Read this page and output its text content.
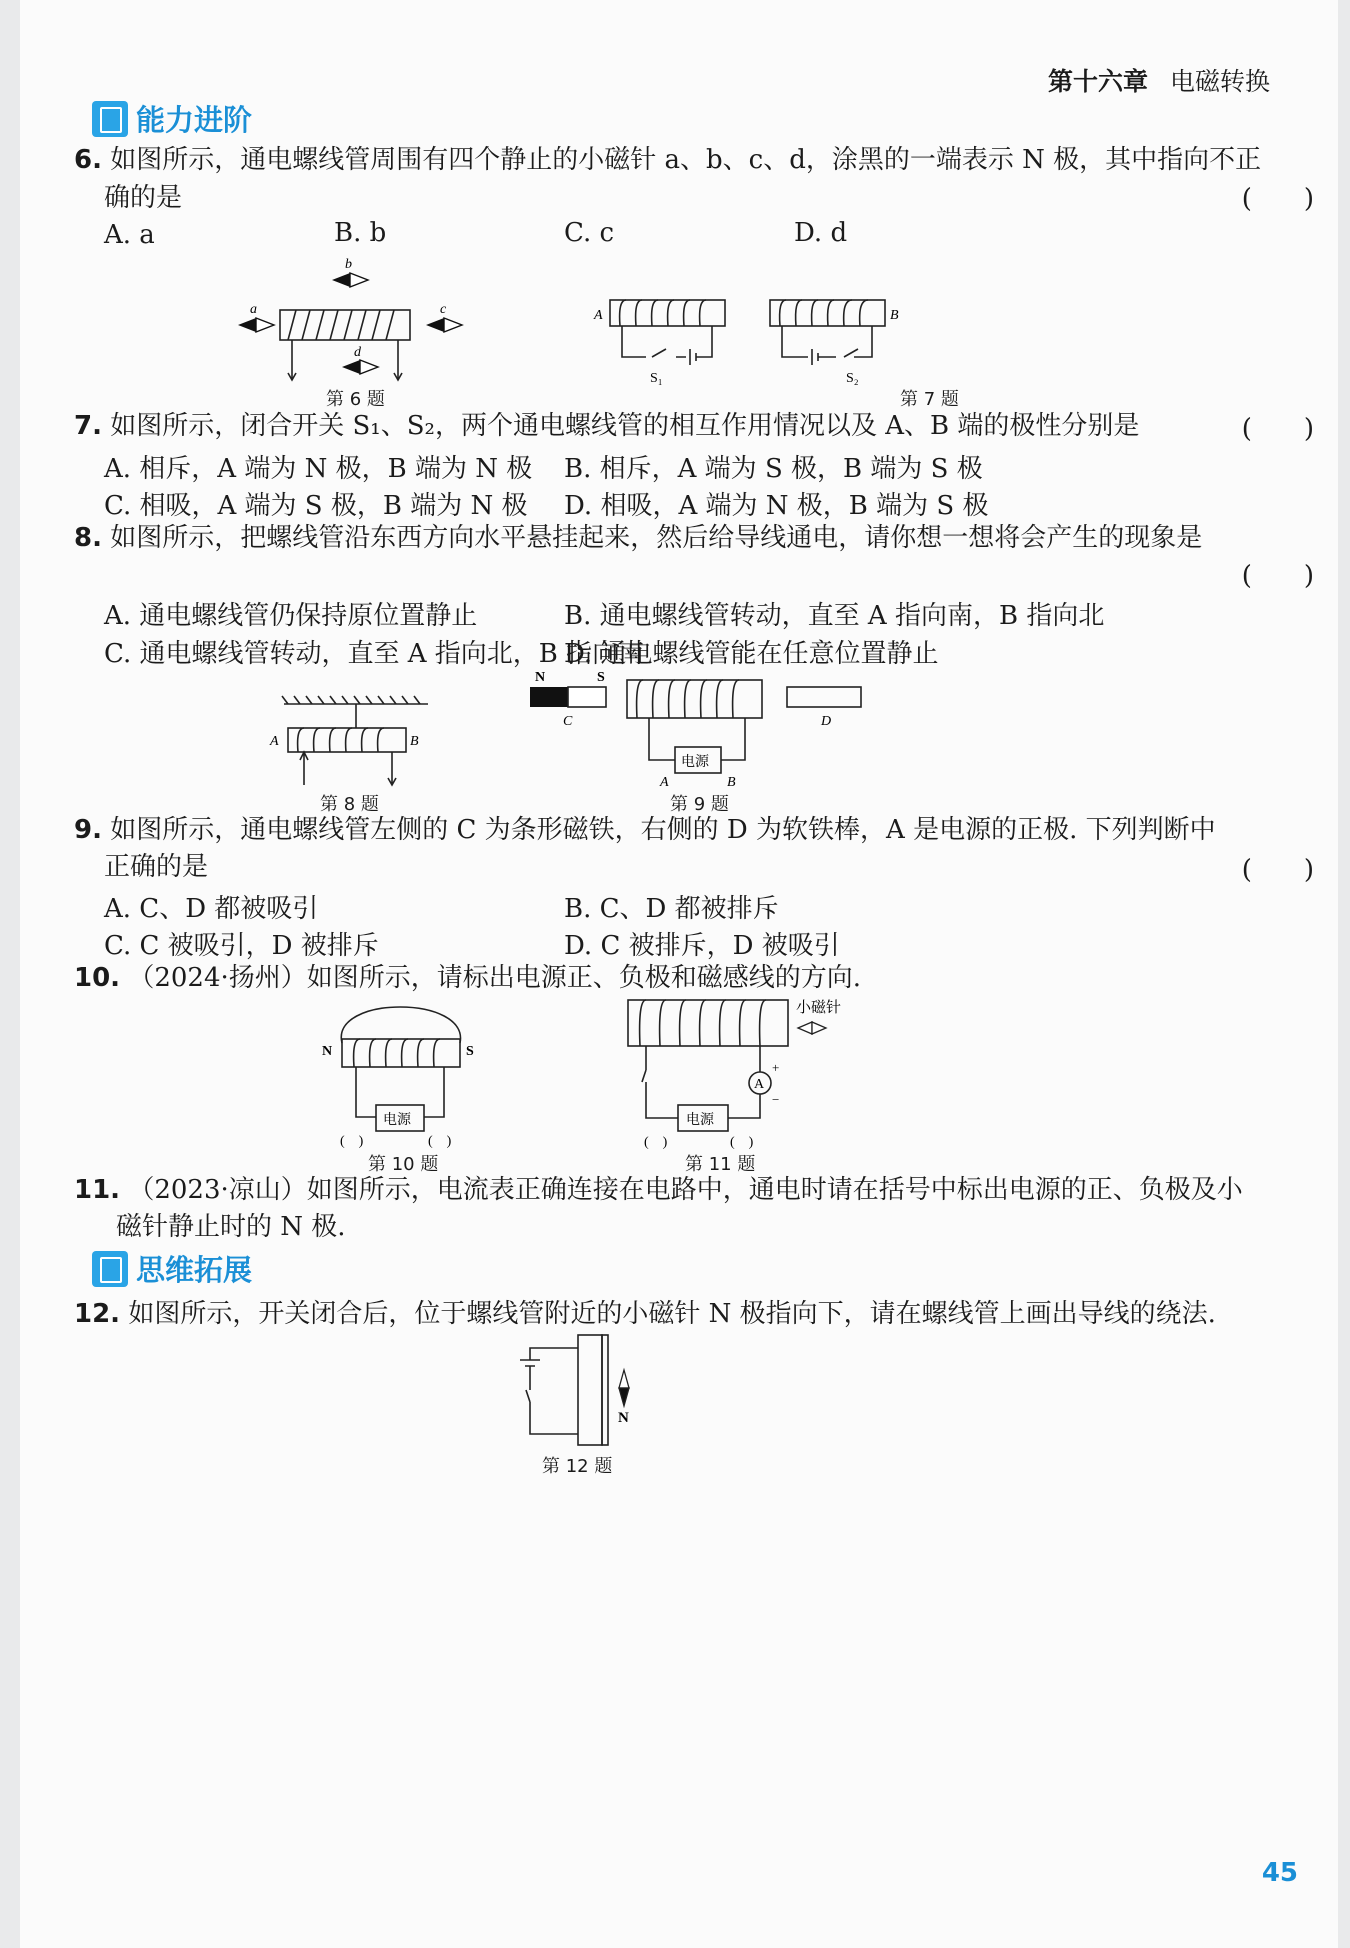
第十六章 电磁转换
能力进阶
6. 如图所示，通电螺线管周围有四个静止的小磁针 a、b、c、d，涂黑的一端表示 N 极，其中指向不正
确的是	(　　)
A. a	B. b	C. c	D. d
a
b
c
d
第 6 题
A	B
S₁	S₂
第 7 题
7. 如图所示，闭合开关 S₁、S₂，两个通电螺线管的相互作用情况以及 A、B 端的极性分别是	(　　)
A. 相斥，A 端为 N 极，B 端为 N 极 B. 相斥，A 端为 S 极，B 端为 S 极
C. 相吸，A 端为 S 极，B 端为 N 极 D. 相吸，A 端为 N 极，B 端为 S 极
8. 如图所示，把螺线管沿东西方向水平悬挂起来，然后给导线通电，请你想一想将会产生的现象是
(　　)
A. 通电螺线管仍保持原位置静止	B. 通电螺线管转动，直至 A 指向南，B 指向北
C. 通电螺线管转动，直至 A 指向北，B 指向南
D. 通电螺线管能在任意位置静止
A	B
第 8 题
N	S
C	D
电源
A	B
第 9 题
9. 如图所示，通电螺线管左侧的 C 为条形磁铁，右侧的 D 为软铁棒，A 是电源的正极. 下列判断中
正确的是	(　　)
A. C、D 都被吸引	B. C、D 都被排斥
C. C 被吸引，D 被排斥	D. C 被排斥，D 被吸引
10. （2024·扬州）如图所示，请标出电源正、负极和磁感线的方向.
N	S
电源
(　)	(　)
第 10 题
A
+
−
电源
(　)	(　)
小磁针
第 11 题
11. （2023·凉山）如图所示，电流表正确连接在电路中，通电时请在括号中标出电源的正、负极及小
磁针静止时的 N 极.
思维拓展
12. 如图所示，开关闭合后，位于螺线管附近的小磁针 N 极指向下，请在螺线管上画出导线的绕法.
N
第 12 题
45
